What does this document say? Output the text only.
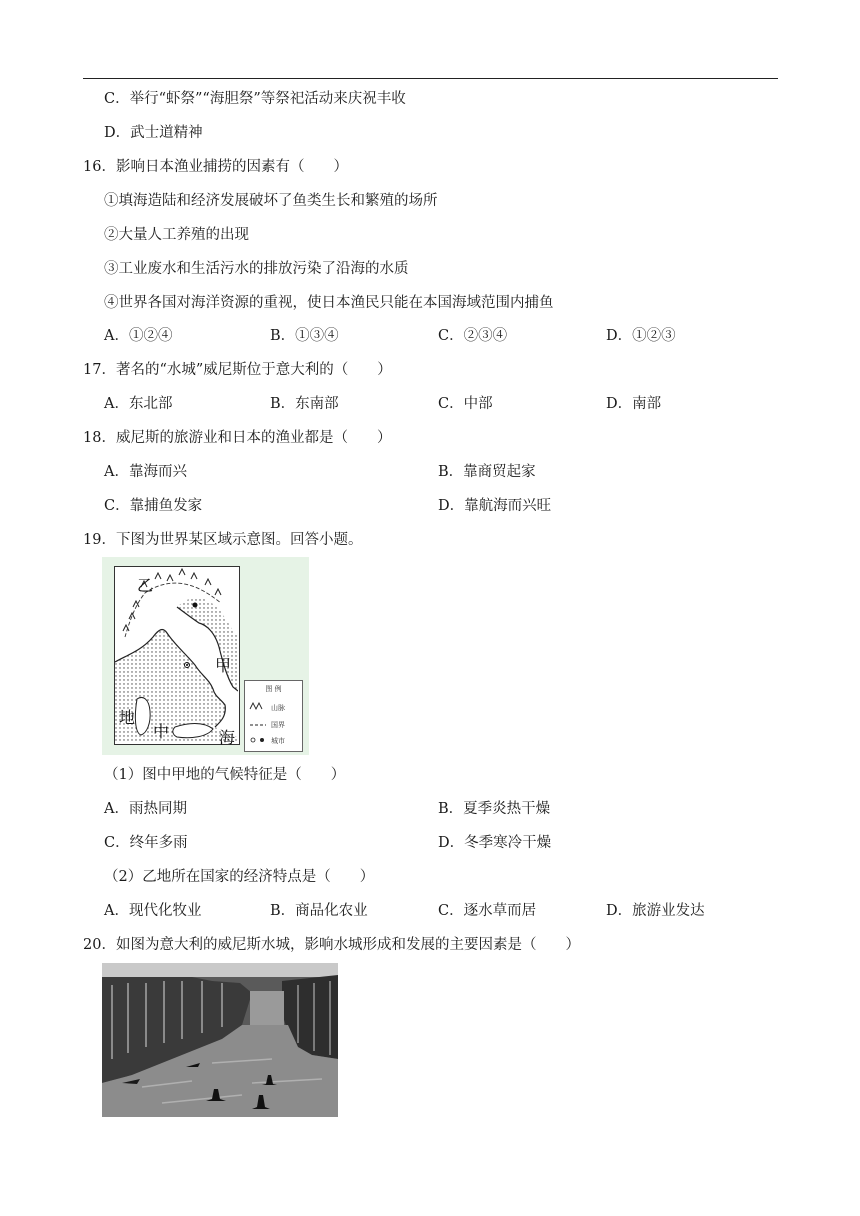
C．举行“虾祭”“海胆祭”等祭祀活动来庆祝丰收
D．武士道精神
16．影响日本渔业捕捞的因素有（　　）
①填海造陆和经济发展破坏了鱼类生长和繁殖的场所
②大量人工养殖的出现
③工业废水和生活污水的排放污染了沿海的水质
④世界各国对海洋资源的重视，使日本渔民只能在本国海域范围内捕鱼
A．①②④	B．①③④	C．②③④	D．①②③
17．著名的“水城”威尼斯位于意大利的（　　）
A．东北部	B．东南部	C．中部	D．南部
18．威尼斯的旅游业和日本的渔业都是（　　）
A．靠海而兴	B．靠商贸起家
C．靠捕鱼发家	D．靠航海而兴旺
19．下图为世界某区域示意图。回答小题。
乙
甲
地
中	海
图 例
山脉
国界
城市
（1）图中甲地的气候特征是（　　）
A．雨热同期	B．夏季炎热干燥
C．终年多雨	D．冬季寒冷干燥
（2）乙地所在国家的经济特点是（　　）
A．现代化牧业	B．商品化农业	C．逐水草而居	D．旅游业发达
20．如图为意大利的威尼斯水城，影响水城形成和发展的主要因素是（　　）
